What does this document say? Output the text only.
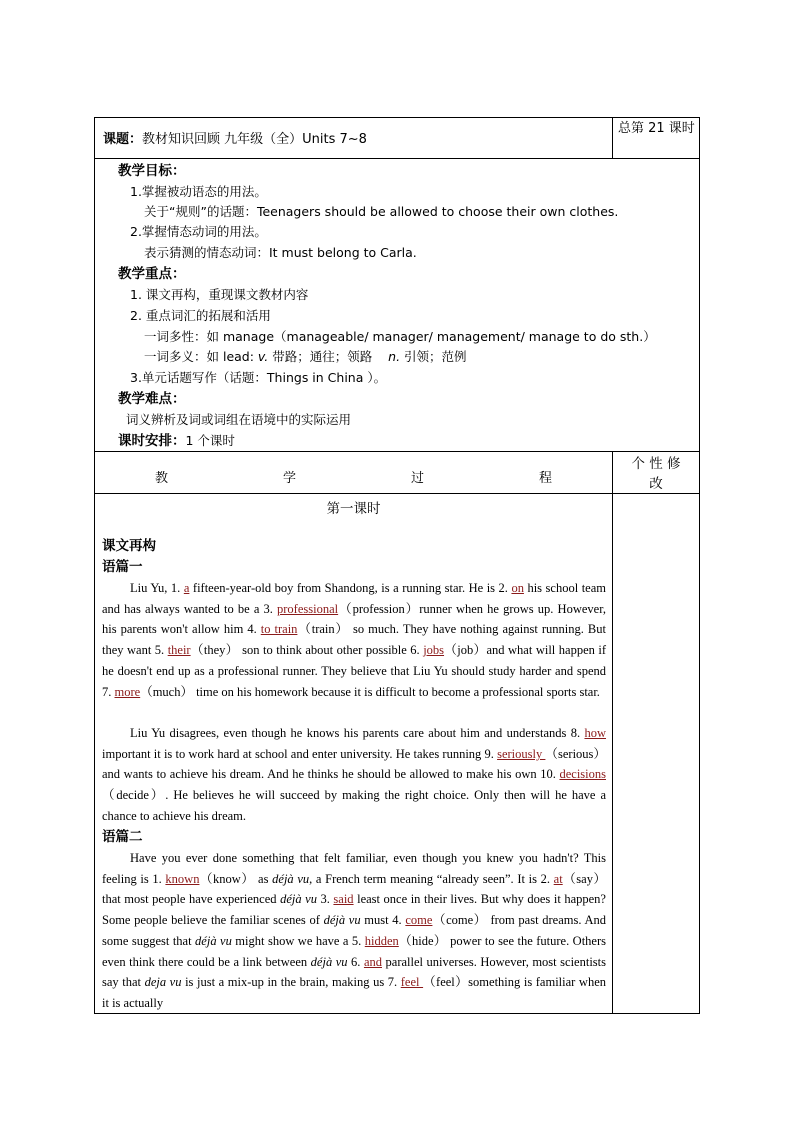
课题：教材知识回顾 九年级（全）Units 7~8
总第 21 课时
教学目标：
1.掌握被动语态的用法。
关于“规则”的话题：Teenagers should be allowed to choose their own clothes.
2.掌握情态动词的用法。
表示猜测的情态动词：It must belong to Carla.
教学重点：
1. 课文再构，重现课文教材内容
2. 重点词汇的拓展和活用
一词多性：如 manage（manageable/ manager/ management/ manage to do sth.）
一词多义：如 lead: v. 带路；通往；领路 n. 引领；范例
3.单元话题写作（话题：Things in China ）。
教学难点：
词义辨析及词或词组在语境中的实际运用
课时安排：1 个课时
教	学	过	程
个 性 修
改
第一课时
课文再构
语篇一
Liu Yu, 1. a fifteen-year-old boy from Shandong, is a running star. He is 2. on his school team and has always wanted to be a 3. professional（profession）runner when he grows up. However, his parents won't allow him 4. to train（train） so much. They have nothing against running. But they want 5. their（they） son to think about other possible 6. jobs（job）and what will happen if he doesn't end up as a professional runner. They believe that Liu Yu should study harder and spend 7. more（much） time on his homework because it is difficult to become a professional sports star.
Liu Yu disagrees, even though he knows his parents care about him and understands 8. how important it is to work hard at school and enter university. He takes running 9. seriously （serious） and wants to achieve his dream. And he thinks he should be allowed to make his own 10. decisions （decide）. He believes he will succeed by making the right choice. Only then will he have a chance to achieve his dream.
语篇二
Have you ever done something that felt familiar, even though you knew you hadn't? This feeling is 1. known（know） as déjà vu, a French term meaning “already seen”. It is 2. at（say） that most people have experienced déjà vu 3. said least once in their lives. But why does it happen? Some people believe the familiar scenes of déjà vu must 4. come（come） from past dreams. And some suggest that déjà vu might show we have a 5. hidden（hide） power to see the future. Others even think there could be a link between déjà vu 6. and parallel universes. However, most scientists say that deja vu is just a mix-up in the brain, making us 7. feel （feel）something is familiar when it is actually
